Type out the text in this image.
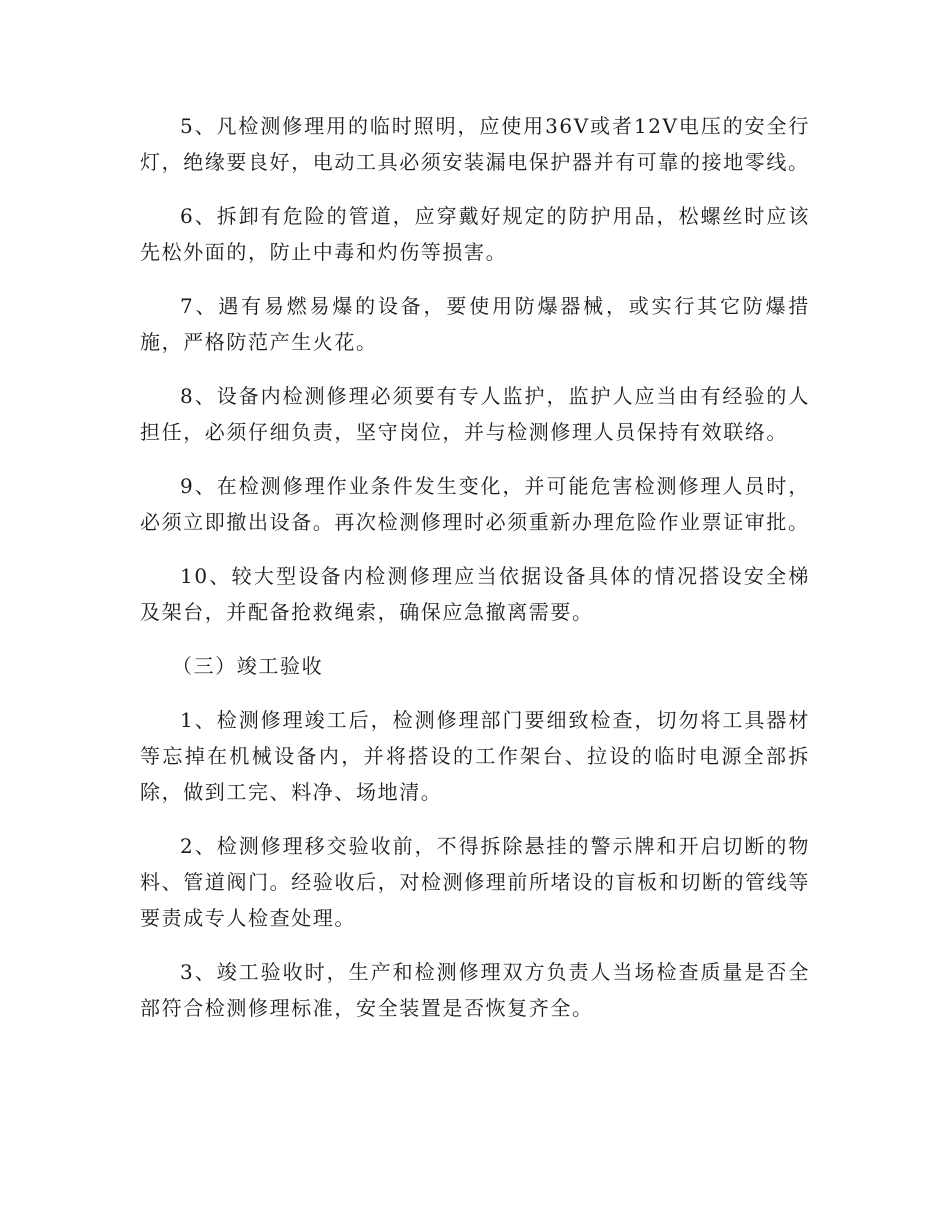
5、凡检测修理用的临时照明，应使用36V或者12V电压的安全行灯，绝缘要良好，电动工具必须安装漏电保护器并有可靠的接地零线。

6、拆卸有危险的管道，应穿戴好规定的防护用品，松螺丝时应该先松外面的，防止中毒和灼伤等损害。

7、遇有易燃易爆的设备，要使用防爆器械，或实行其它防爆措施，严格防范产生火花。

8、设备内检测修理必须要有专人监护，监护人应当由有经验的人担任，必须仔细负责，坚守岗位，并与检测修理人员保持有效联络。

9、在检测修理作业条件发生变化，并可能危害检测修理人员时，必须立即撤出设备。再次检测修理时必须重新办理危险作业票证审批。

10、较大型设备内检测修理应当依据设备具体的情况搭设安全梯及架台，并配备抢救绳索，确保应急撤离需要。

（三）竣工验收

1、检测修理竣工后，检测修理部门要细致检查，切勿将工具器材等忘掉在机械设备内，并将搭设的工作架台、拉设的临时电源全部拆除，做到工完、料净、场地清。

2、检测修理移交验收前，不得拆除悬挂的警示牌和开启切断的物料、管道阀门。经验收后，对检测修理前所堵设的盲板和切断的管线等要责成专人检查处理。

3、竣工验收时，生产和检测修理双方负责人当场检查质量是否全部符合检测修理标准，安全装置是否恢复齐全。
